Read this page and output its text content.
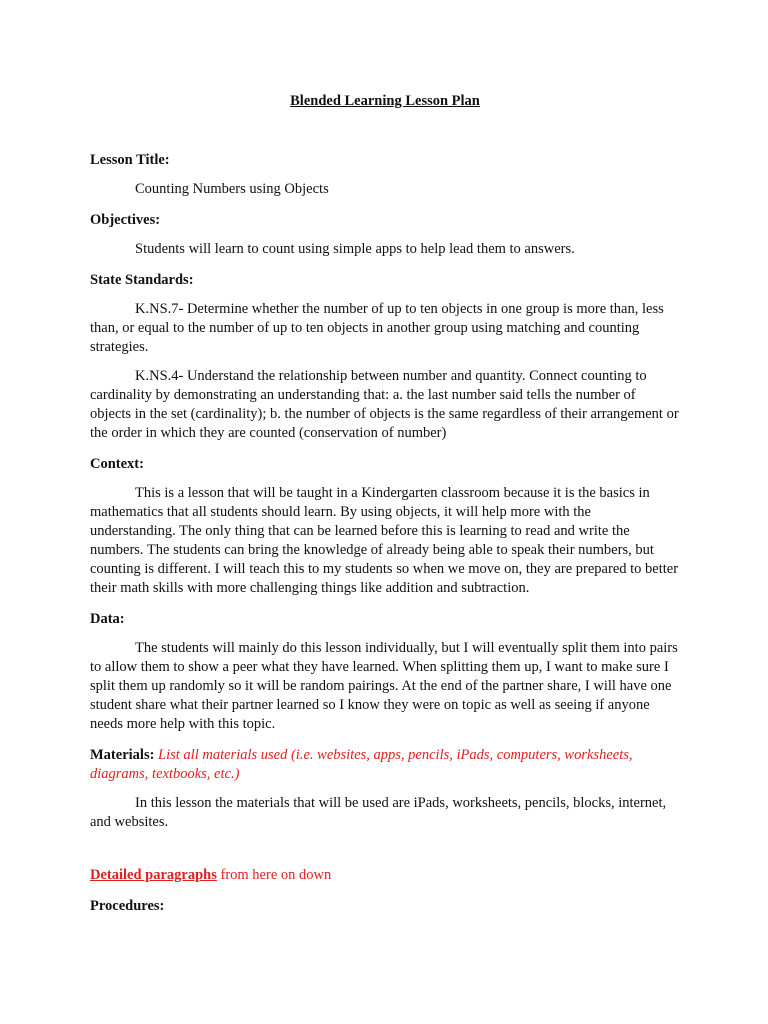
Blended Learning Lesson Plan

Lesson Title:

Counting Numbers using Objects

Objectives:

Students will learn to count using simple apps to help lead them to answers.

State Standards:

K.NS.7- Determine whether the number of up to ten objects in one group is more than, less than, or equal to the number of up to ten objects in another group using matching and counting strategies.

K.NS.4- Understand the relationship between number and quantity. Connect counting to cardinality by demonstrating an understanding that: a. the last number said tells the number of objects in the set (cardinality); b. the number of objects is the same regardless of their arrangement or the order in which they are counted (conservation of number)

Context:

This is a lesson that will be taught in a Kindergarten classroom because it is the basics in mathematics that all students should learn. By using objects, it will help more with the understanding. The only thing that can be learned before this is learning to read and write the numbers. The students can bring the knowledge of already being able to speak their numbers, but counting is different. I will teach this to my students so when we move on, they are prepared to better their math skills with more challenging things like addition and subtraction.

Data:

The students will mainly do this lesson individually, but I will eventually split them into pairs to allow them to show a peer what they have learned. When splitting them up, I want to make sure I split them up randomly so it will be random pairings. At the end of the partner share, I will have one student share what their partner learned so I know they were on topic as well as seeing if anyone needs more help with this topic.

Materials: List all materials used (i.e. websites, apps, pencils, iPads, computers, worksheets, diagrams, textbooks, etc.)

In this lesson the materials that will be used are iPads, worksheets, pencils, blocks, internet, and websites.

Detailed paragraphs from here on down

Procedures:
